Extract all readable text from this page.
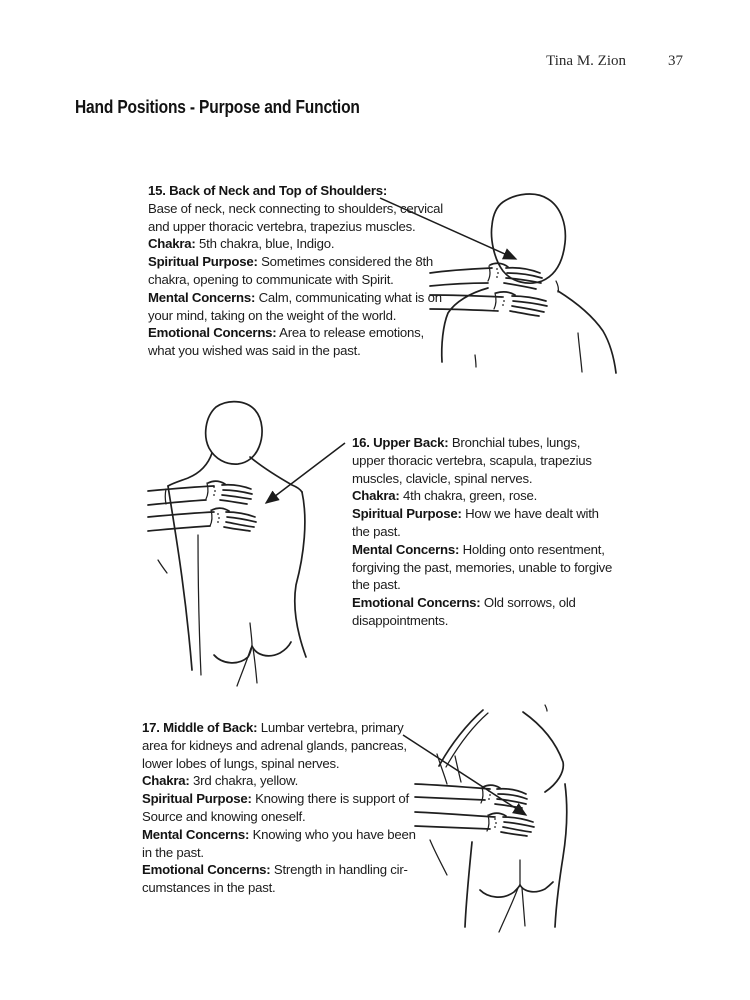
Tina M. Zion	37
Hand Positions - Purpose and Function

15. Back of Neck and Top of Shoulders:
Base of neck, neck connecting to shoulders, cervical and upper thoracic vertebra, trapezius muscles.

Chakra: 5th chakra, blue, Indigo.

Spiritual Purpose: Sometimes considered the 8th chakra, opening to communicate with Spirit.

Mental Concerns: Calm, communicating what is on your mind, taking on the weight of the world.

Emotional Concerns: Area to release emotions, what you wished was said in the past.

16. Upper Back: Bronchial tubes, lungs, upper thoracic vertebra, scapula, trapezius muscles, clavicle, spinal nerves.

Chakra: 4th chakra, green, rose.

Spiritual Purpose: How we have dealt with the past.

Mental Concerns: Holding onto resentment, forgiving the past, memories, unable to forgive the past.

Emotional Concerns: Old sorrows, old disappointments.

17. Middle of Back: Lumbar vertebra, primary area for kidneys and adrenal glands, pancreas, lower lobes of lungs, spinal nerves.

Chakra: 3rd chakra, yellow.

Spiritual Purpose: Knowing there is support of Source and knowing oneself.

Mental Concerns: Knowing who you have been in the past.

Emotional Concerns: Strength in handling cir-cumstances in the past.
